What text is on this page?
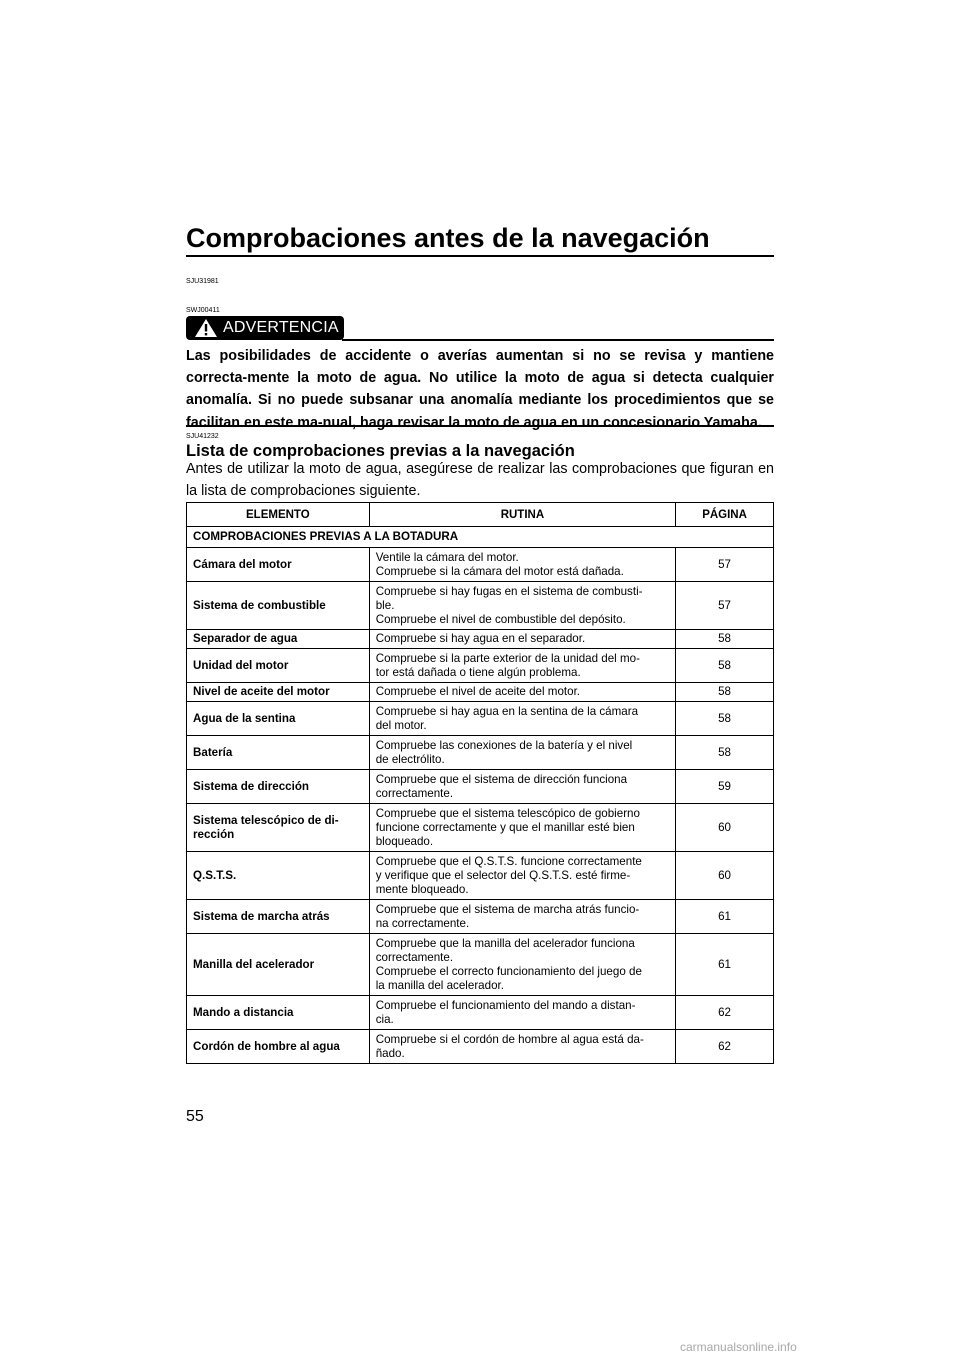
Comprobaciones antes de la navegación
SJU31981
SWJ00411
ADVERTENCIA

Las posibilidades de accidente o averías aumentan si no se revisa y mantiene correcta-mente la moto de agua. No utilice la moto de agua si detecta cualquier anomalía. Si no puede subsanar una anomalía mediante los procedimientos que se facilitan en este ma-nual, haga revisar la moto de agua en un concesionario Yamaha.

SJU41232
Lista de comprobaciones previas a la navegación

Antes de utilizar la moto de agua, asegúrese de realizar las comprobaciones que figuran en la lista de comprobaciones siguiente.

ELEMENTO	RUTINA	PÁGINA
COMPROBACIONES PREVIAS A LA BOTADURA		
Cámara del motor	Ventile la cámara del motor.
Compruebe si la cámara del motor está dañada.	57
Sistema de combustible	Compruebe si hay fugas en el sistema de combusti-
ble.
Compruebe el nivel de combustible del depósito.	57
Separador de agua	Compruebe si hay agua en el separador.	58
Unidad del motor	Compruebe si la parte exterior de la unidad del mo-
tor está dañada o tiene algún problema.	58
Nivel de aceite del motor	Compruebe el nivel de aceite del motor.	58
Agua de la sentina	Compruebe si hay agua en la sentina de la cámara
del motor.	58
Batería	Compruebe las conexiones de la batería y el nivel
de electrólito.	58
Sistema de dirección	Compruebe que el sistema de dirección funciona
correctamente.	59
Sistema telescópico de di-
rección	Compruebe que el sistema telescópico de gobierno
funcione correctamente y que el manillar esté bien
bloqueado.	60
Q.S.T.S.	Compruebe que el Q.S.T.S. funcione correctamente
y verifique que el selector del Q.S.T.S. esté firme-
mente bloqueado.	60
Sistema de marcha atrás	Compruebe que el sistema de marcha atrás funcio-
na correctamente.	61
Manilla del acelerador	Compruebe que la manilla del acelerador funciona
correctamente.
Compruebe el correcto funcionamiento del juego de
la manilla del acelerador.	61
Mando a distancia	Compruebe el funcionamiento del mando a distan-
cia.	62
Cordón de hombre al agua	Compruebe si el cordón de hombre al agua está da-
ñado.	62

55

carmanualsonline.info
